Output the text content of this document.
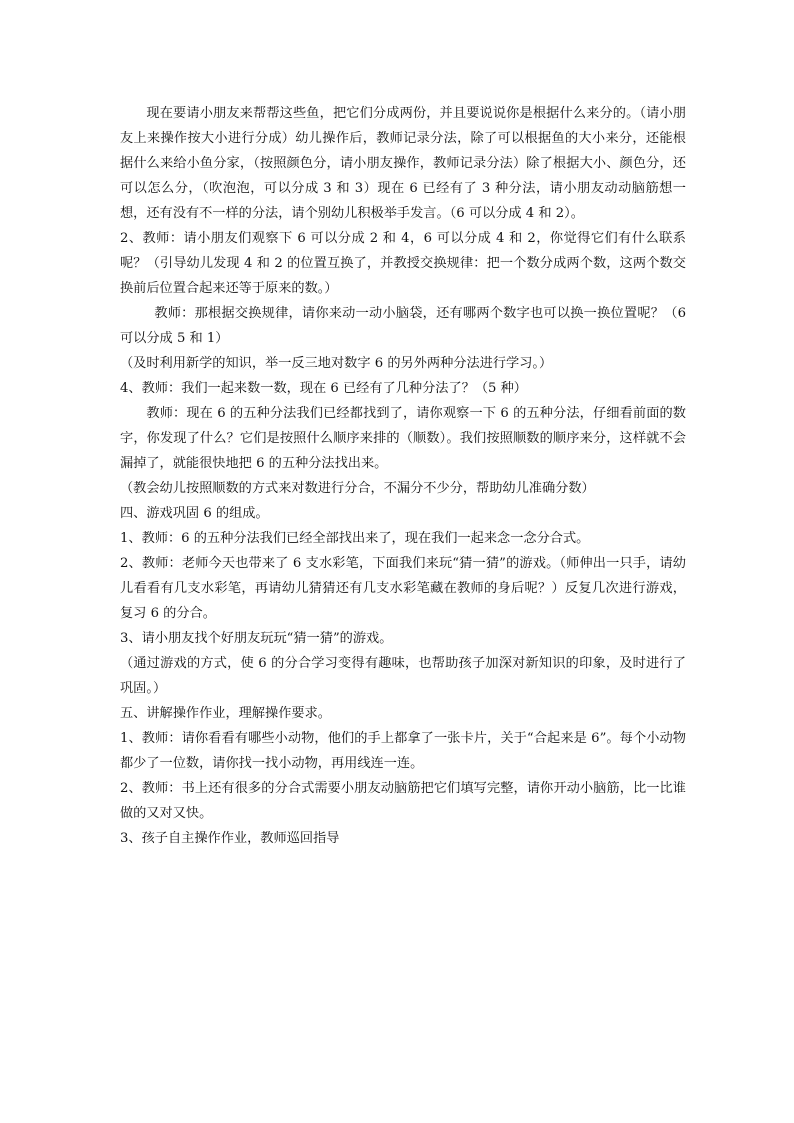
现在要请小朋友来帮帮这些鱼，把它们分成两份，并且要说说你是根据什么来分的。（请小朋友上来操作按大小进行分成）幼儿操作后，教师记录分法，除了可以根据鱼的大小来分，还能根据什么来给小鱼分家，（按照颜色分，请小朋友操作，教师记录分法）除了根据大小、颜色分，还可以怎么分，（吹泡泡，可以分成 3 和 3）现在 6 已经有了 3 种分法，请小朋友动动脑筋想一想，还有没有不一样的分法，请个别幼儿积极举手发言。（6 可以分成 4 和 2）。

2、教师：请小朋友们观察下 6 可以分成 2 和 4，6 可以分成 4 和 2，你觉得它们有什么联系呢？（引导幼儿发现 4 和 2 的位置互换了，并教授交换规律：把一个数分成两个数，这两个数交换前后位置合起来还等于原来的数。）

教师：那根据交换规律，请你来动一动小脑袋，还有哪两个数字也可以换一换位置呢？（6 可以分成 5 和 1）

（及时利用新学的知识，举一反三地对数字 6 的另外两种分法进行学习。）

4、教师：我们一起来数一数，现在 6 已经有了几种分法了？（5 种）

教师：现在 6 的五种分法我们已经都找到了，请你观察一下 6 的五种分法，仔细看前面的数字，你发现了什么？它们是按照什么顺序来排的（顺数）。我们按照顺数的顺序来分，这样就不会漏掉了，就能很快地把 6 的五种分法找出来。

（教会幼儿按照顺数的方式来对数进行分合，不漏分不少分，帮助幼儿准确分数）

四、游戏巩固 6 的组成。

1、教师：6 的五种分法我们已经全部找出来了，现在我们一起来念一念分合式。

2、教师：老师今天也带来了 6 支水彩笔，下面我们来玩“猜一猜”的游戏。（师伸出一只手，请幼儿看看有几支水彩笔，再请幼儿猜猜还有几支水彩笔藏在教师的身后呢？）反复几次进行游戏，复习 6 的分合。

3、请小朋友找个好朋友玩玩“猜一猜”的游戏。

（通过游戏的方式，使 6 的分合学习变得有趣味，也帮助孩子加深对新知识的印象，及时进行了巩固。）

五、讲解操作作业，理解操作要求。

1、教师：请你看看有哪些小动物，他们的手上都拿了一张卡片，关于“合起来是 6”。每个小动物都少了一位数，请你找一找小动物，再用线连一连。

2、教师：书上还有很多的分合式需要小朋友动脑筋把它们填写完整，请你开动小脑筋，比一比谁做的又对又快。

3、孩子自主操作作业，教师巡回指导
